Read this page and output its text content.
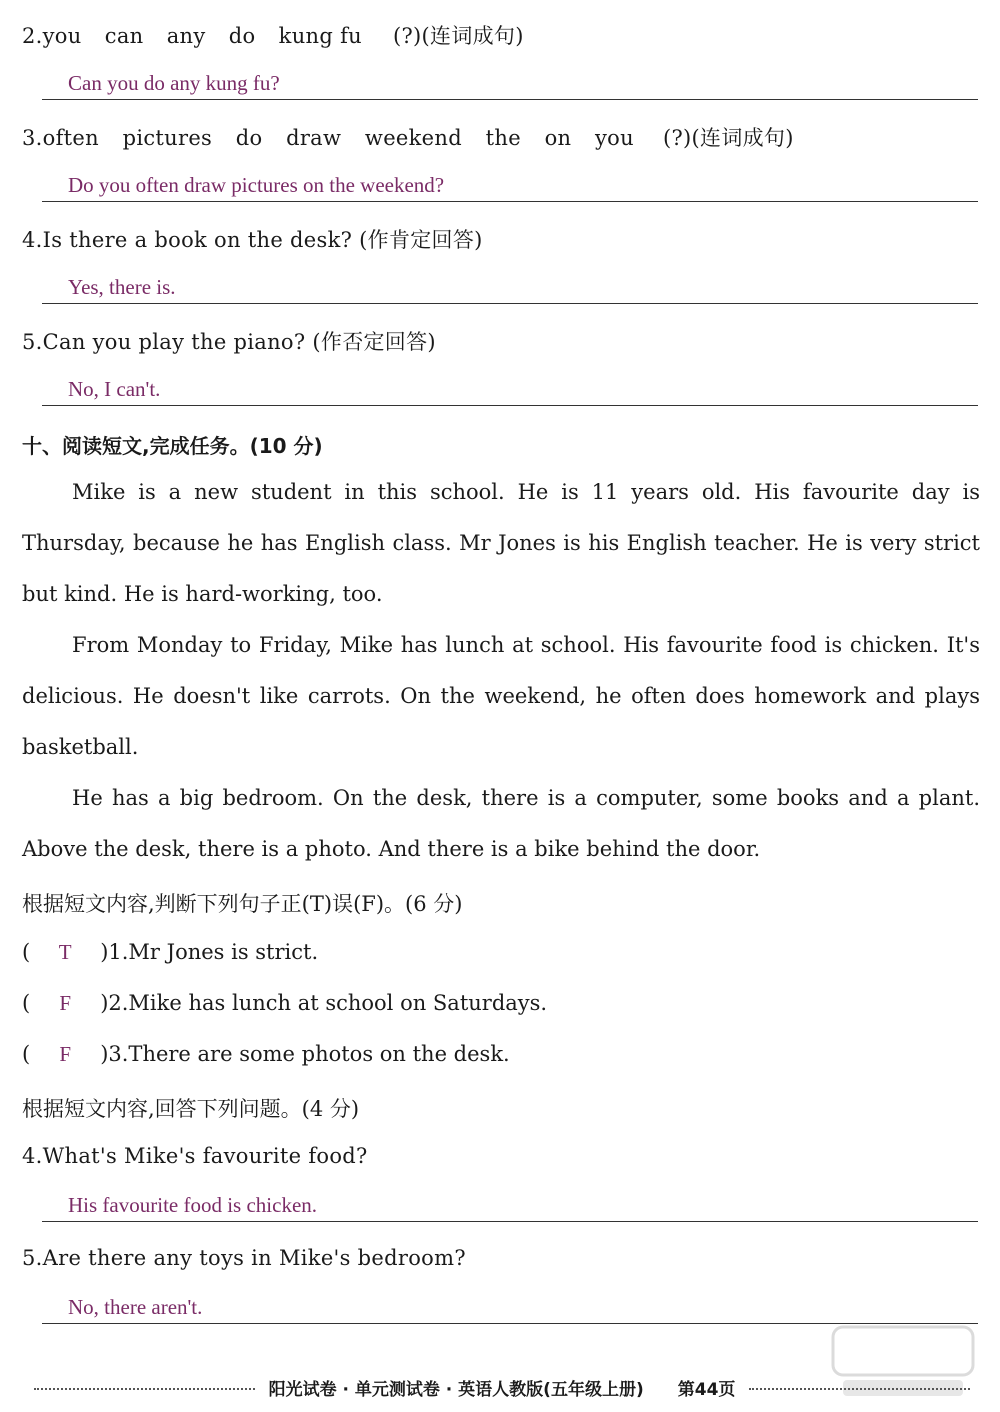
2.you can any do kung fu (?)(连词成句)
Can you do any kung fu?
3.often pictures do draw weekend the on you (?)(连词成句)
Do you often draw pictures on the weekend?
4.Is there a book on the desk? (作肯定回答)
Yes, there is.
5.Can you play the piano? (作否定回答)
No, I can't.
十、阅读短文,完成任务。(10 分)
Mike is a new student in this school. He is 11 years old. His favourite day is Thursday, because he has English class. Mr Jones is his English teacher. He is very strict but kind. He is hard-working, too.
From Monday to Friday, Mike has lunch at school. His favourite food is chicken. It's delicious. He doesn't like carrots. On the weekend, he often does homework and plays basketball.
He has a big bedroom. On the desk, there is a computer, some books and a plant. Above the desk, there is a photo. And there is a bike behind the door.
根据短文内容,判断下列句子正(T)误(F)。(6 分)
( T )1.Mr Jones is strict.
( F )2.Mike has lunch at school on Saturdays.
( F )3.There are some photos on the desk.
根据短文内容,回答下列问题。(4 分)
4.What's Mike's favourite food?
His favourite food is chicken.
5.Are there any toys in Mike's bedroom?
No, there aren't.
阳光试卷 · 单元测试卷 · 英语人教版(五年级上册)	第44页
